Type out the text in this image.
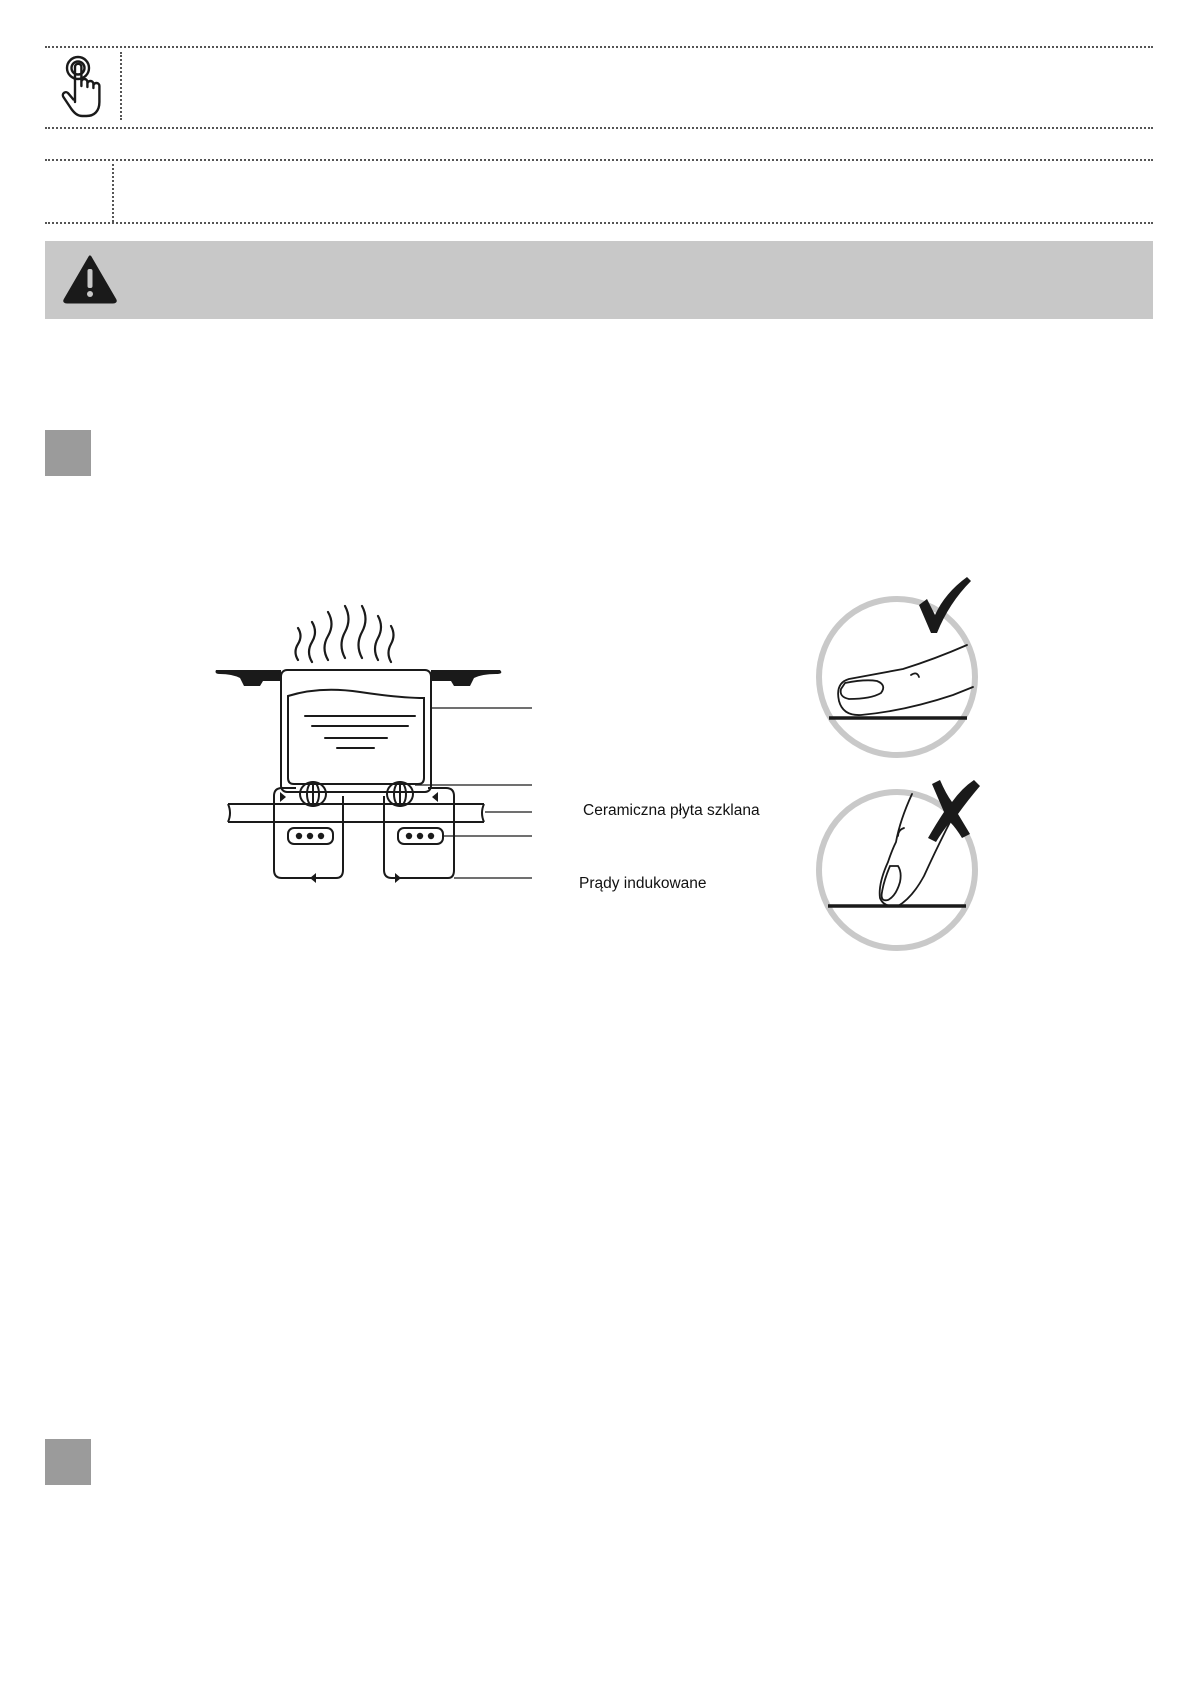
Ceramiczna płyta szklana
Prądy indukowane
